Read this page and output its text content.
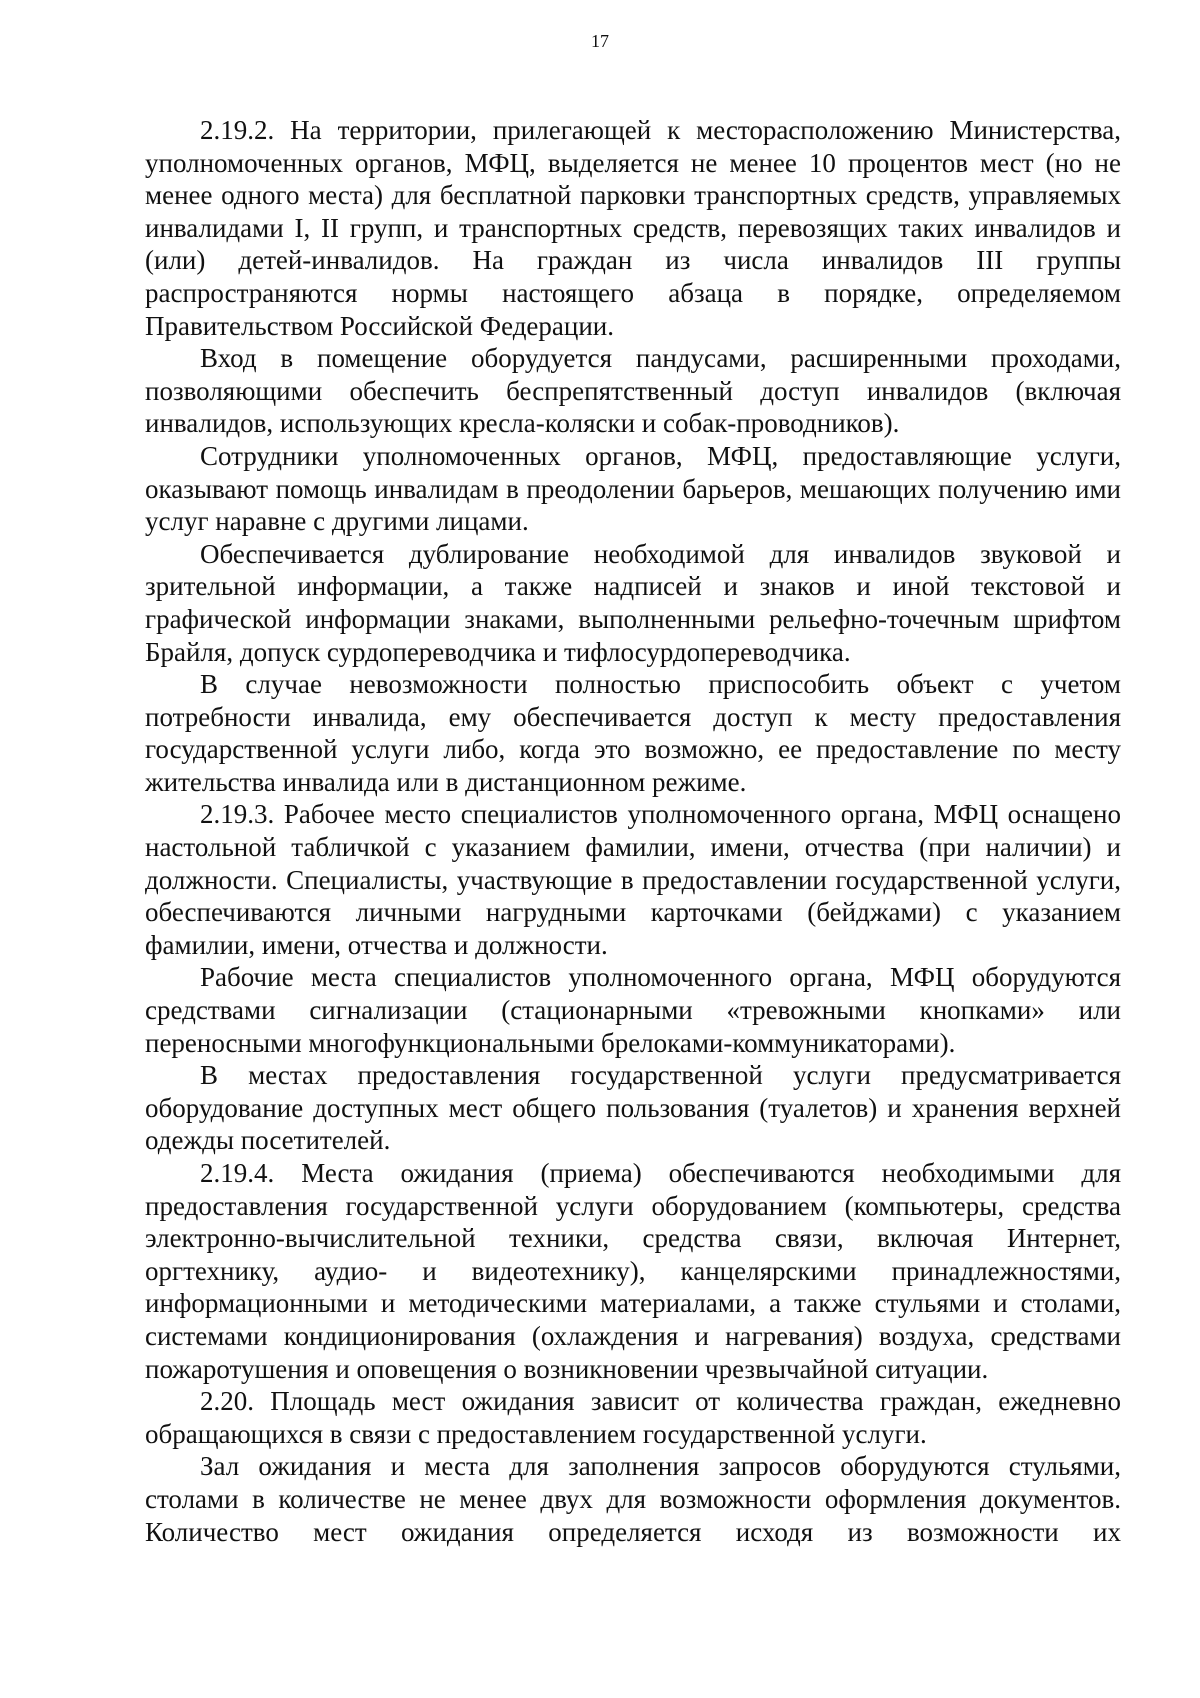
17

2.19.2. На территории, прилегающей к месторасположению Министерства, уполномоченных органов, МФЦ, выделяется не менее 10 процентов мест (но не менее одного места) для бесплатной парковки транспортных средств, управляемых инвалидами I, II групп, и транспортных средств, перевозящих таких инвалидов и (или) детей-инвалидов. На граждан из числа инвалидов III группы распространяются нормы настоящего абзаца в порядке, определяемом Правительством Российской Федерации.

Вход в помещение оборудуется пандусами, расширенными проходами, позволяющими обеспечить беспрепятственный доступ инвалидов (включая инвалидов, использующих кресла-коляски и собак-проводников).

Сотрудники уполномоченных органов, МФЦ, предоставляющие услуги, оказывают помощь инвалидам в преодолении барьеров, мешающих получению ими услуг наравне с другими лицами.

Обеспечивается дублирование необходимой для инвалидов звуковой и зрительной информации, а также надписей и знаков и иной текстовой и графической информации знаками, выполненными рельефно-точечным шрифтом Брайля, допуск сурдопереводчика и тифлосурдопереводчика.

В случае невозможности полностью приспособить объект с учетом потребности инвалида, ему обеспечивается доступ к месту предоставления государственной услуги либо, когда это возможно, ее предоставление по месту жительства инвалида или в дистанционном режиме.

2.19.3. Рабочее место специалистов уполномоченного органа, МФЦ оснащено настольной табличкой с указанием фамилии, имени, отчества (при наличии) и должности. Специалисты, участвующие в предоставлении государственной услуги, обеспечиваются личными нагрудными карточками (бейджами) с указанием фамилии, имени, отчества и должности.

Рабочие места специалистов уполномоченного органа, МФЦ оборудуются средствами сигнализации (стационарными «тревожными кнопками» или переносными многофункциональными брелоками-коммуникаторами).

В местах предоставления государственной услуги предусматривается оборудование доступных мест общего пользования (туалетов) и хранения верхней одежды посетителей.

2.19.4. Места ожидания (приема) обеспечиваются необходимыми для предоставления государственной услуги оборудованием (компьютеры, средства электронно-вычислительной техники, средства связи, включая Интернет, оргтехнику, аудио- и видеотехнику), канцелярскими принадлежностями, информационными и методическими материалами, а также стульями и столами, системами кондиционирования (охлаждения и нагревания) воздуха, средствами пожаротушения и оповещения о возникновении чрезвычайной ситуации.

2.20. Площадь мест ожидания зависит от количества граждан, ежедневно обращающихся в связи с предоставлением государственной услуги.

Зал ожидания и места для заполнения запросов оборудуются стульями, столами в количестве не менее двух для возможности оформления документов. Количество мест ожидания определяется исходя из возможности их
